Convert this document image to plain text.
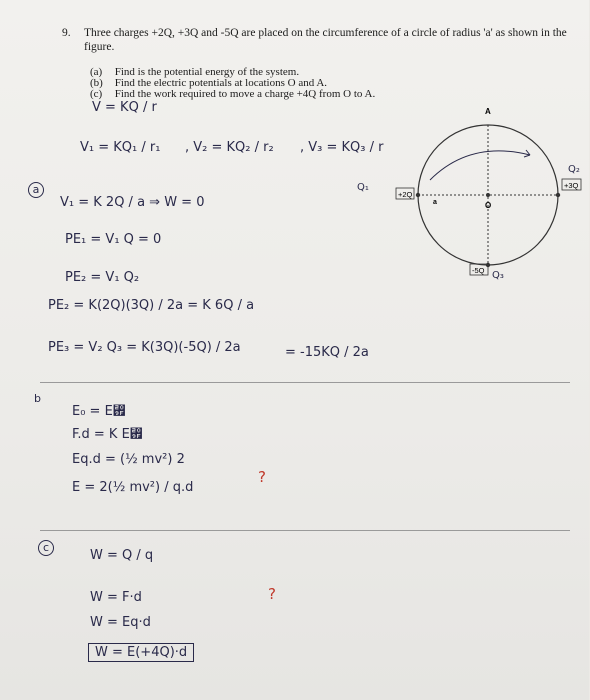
9. Three charges +2Q, +3Q and -5Q are placed on the circumference of a circle of radius 'a' as shown in the
figure.
(a) Find is the potential energy of the system.
(b) Find the electric potentials at locations O and A.
(c) Find the work required to move a charge +4Q from O to A.
A
O
a
+2Q
+3Q
-5Q
Q₁
Q₂
Q₃
V = KQ / r
V₁ = KQ₁ / r₁ , V₂ = KQ₂ / r₂ , V₃ = KQ₃ / r
a
V₁ = K 2Q / a ⇒ W = 0
PE₁ = V₁ Q = 0
PE₂ = V₁ Q₂
PE₂ = K(2Q)(3Q) / 2a = K 6Q / a
PE₃ = V₂ Q₃ = K(3Q)(-5Q) / 2a	= -15KQ / 2a
b
E₀ = E₟
F.d = K E₟
Eq.d = (½ mv²) 2
E = 2(½ mv²) / q.d
?
c
W = Q / q
W = F·d
W = Eq·d
?
W = E(+4Q)·d
